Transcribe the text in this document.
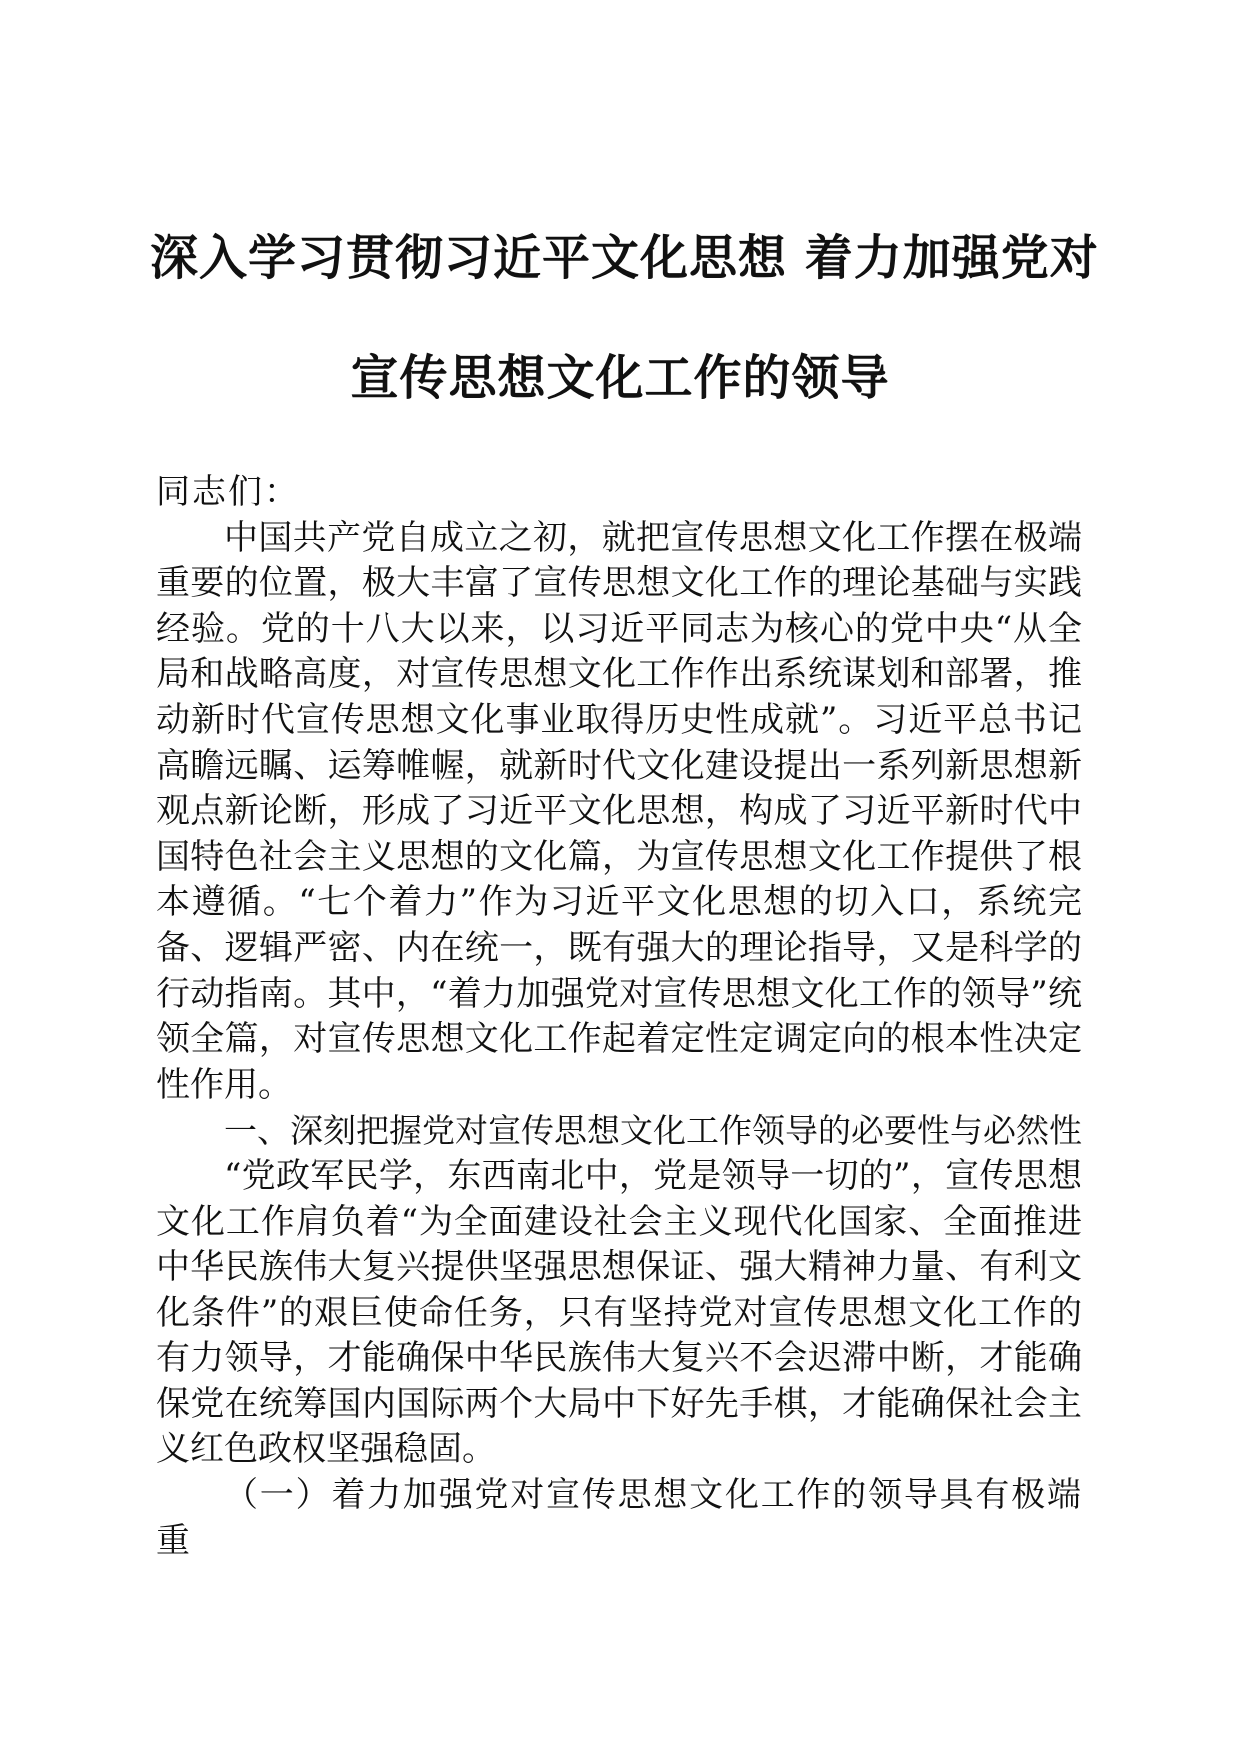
深入学习贯彻习近平文化思想 着力加强党对
宣传思想文化工作的领导

同志们：

中国共产党自成立之初，就把宣传思想文化工作摆在极端重要的位置，极大丰富了宣传思想文化工作的理论基础与实践经验。党的十八大以来，以习近平同志为核心的党中央“从全局和战略高度，对宣传思想文化工作作出系统谋划和部署，推动新时代宣传思想文化事业取得历史性成就”。习近平总书记高瞻远瞩、运筹帷幄，就新时代文化建设提出一系列新思想新观点新论断，形成了习近平文化思想，构成了习近平新时代中国特色社会主义思想的文化篇，为宣传思想文化工作提供了根本遵循。“七个着力”作为习近平文化思想的切入口，系统完备、逻辑严密、内在统一，既有强大的理论指导，又是科学的行动指南。其中，“着力加强党对宣传思想文化工作的领导”统领全篇，对宣传思想文化工作起着定性定调定向的根本性决定性作用。

一、深刻把握党对宣传思想文化工作领导的必要性与必然性

“党政军民学，东西南北中，党是领导一切的”，宣传思想文化工作肩负着“为全面建设社会主义现代化国家、全面推进中华民族伟大复兴提供坚强思想保证、强大精神力量、有利文化条件”的艰巨使命任务，只有坚持党对宣传思想文化工作的有力领导，才能确保中华民族伟大复兴不会迟滞中断，才能确保党在统筹国内国际两个大局中下好先手棋，才能确保社会主义红色政权坚强稳固。

（一）着力加强党对宣传思想文化工作的领导具有极端重
